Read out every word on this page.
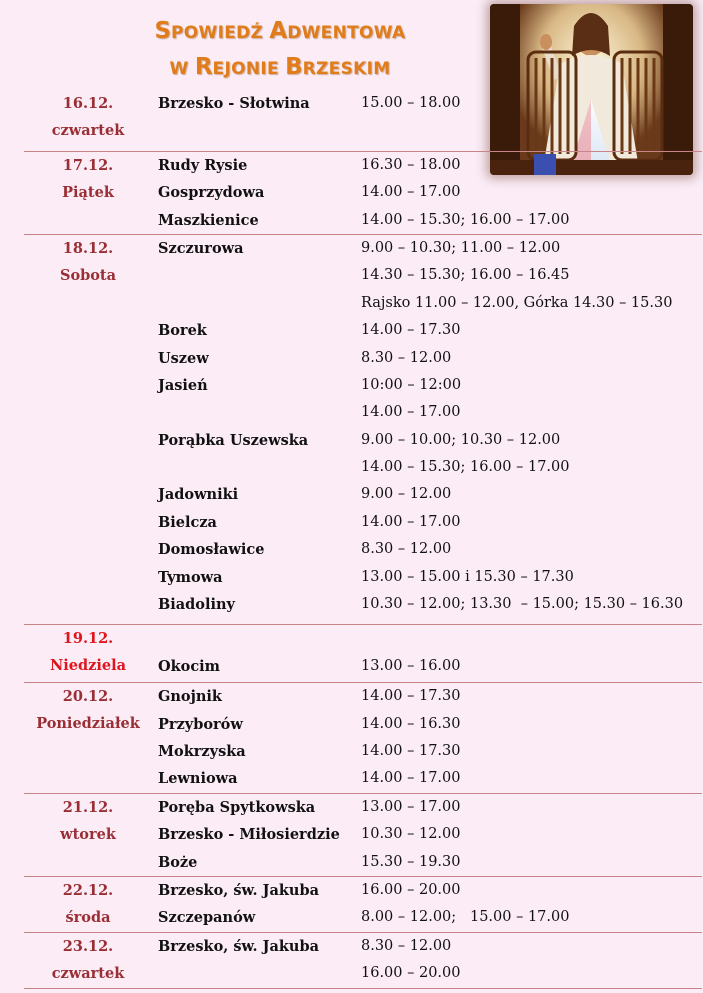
SPOWIEDŹ ADWENTOWA
W REJONIE BRZESKIM
16.12.
czwartek
Brzesko - Słotwina	15.00 – 18.00
17.12.
Piątek
Rudy Rysie	16.30 – 18.00
Gosprzydowa	14.00 – 17.00
Maszkienice	14.00 – 15.30; 16.00 – 17.00
18.12.
Sobota
Szczurowa	9.00 – 10.30; 11.00 – 12.00
14.30 – 15.30; 16.00 – 16.45
Rajsko 11.00 – 12.00, Górka 14.30 – 15.30
Borek	14.00 – 17.30
Uszew	8.30 – 12.00
Jasień	10:00 – 12:00
14.00 – 17.00
Porąbka Uszewska	9.00 – 10.00; 10.30 – 12.00
14.00 – 15.30; 16.00 – 17.00
Jadowniki	9.00 – 12.00
Bielcza	14.00 – 17.00
Domosławice	8.30 – 12.00
Tymowa	13.00 – 15.00 i 15.30 – 17.30
Biadoliny	10.30 – 12.00; 13.30  – 15.00; 15.30 – 16.30
19.12.
Niedziela	Okocim	13.00 – 16.00
20.12.
Poniedziałek
Gnojnik	14.00 – 17.30
Przyborów	14.00 – 16.30
Mokrzyska	14.00 – 17.30
Lewniowa	14.00 – 17.00
21.12.
wtorek
Poręba Spytkowska	13.00 – 17.00
Brzesko - Miłosierdzie 10.30 – 12.00
Boże	15.30 – 19.30
22.12.
środa
Brzesko, św. Jakuba	16.00 – 20.00
Szczepanów	8.00 – 12.00;   15.00 – 17.00
23.12.
czwartek
Brzesko, św. Jakuba	8.30 – 12.00
16.00 – 20.00
